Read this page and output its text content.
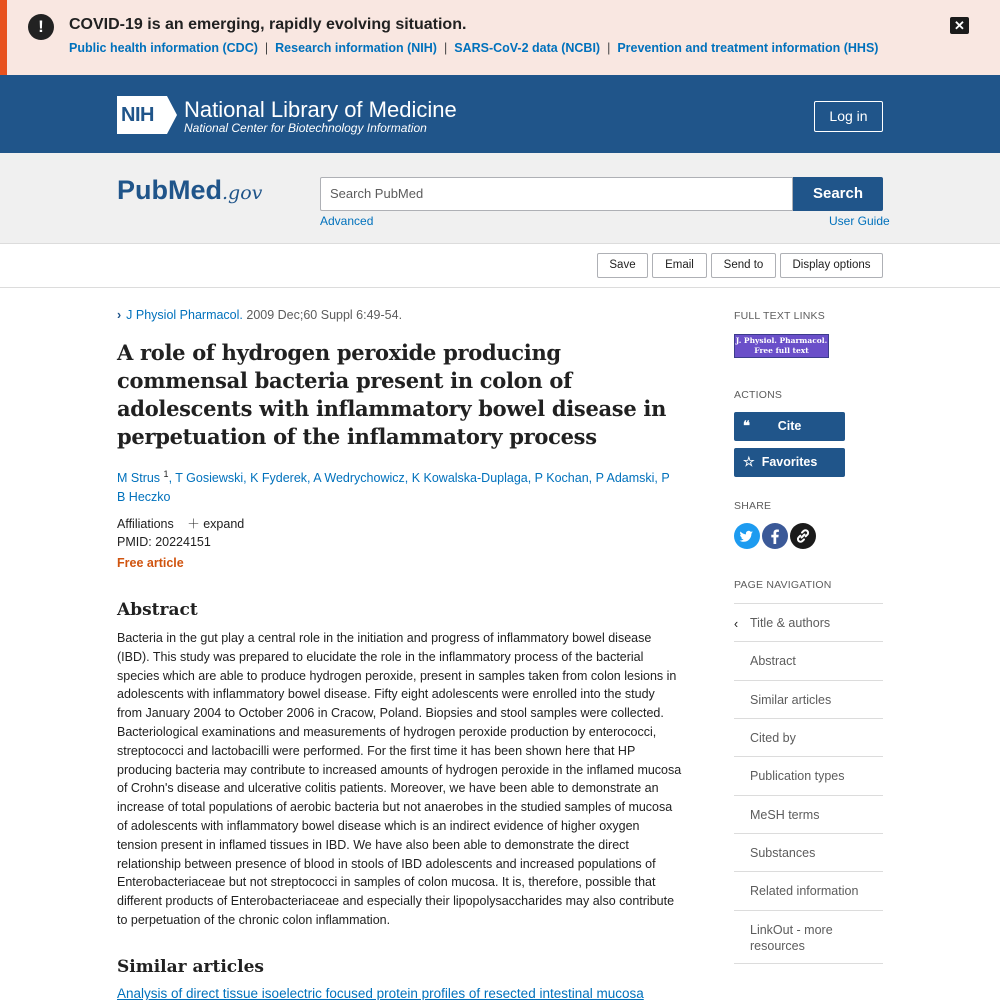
!	COVID-19 is an emerging, rapidly evolving situation.
Public health information (CDC) | Research information (NIH) | SARS-CoV-2 data (NCBI) | Prevention and treatment information (HHS)
✕
NIH	National Library of Medicine
National Center for Biotechnology Information
Log in
PubMed.gov	Search PubMed	Search
Advanced	User Guide
Save	Email	Send to	Display options
› J Physiol Pharmacol. 2009 Dec;60 Suppl 6:49-54.
A role of hydrogen peroxide producing commensal bacteria present in colon of adolescents with inflammatory bowel disease in perpetuation of the inflammatory process
M Strus $^1$, T Gosiewski, K Fyderek, A Wedrychowicz, K Kowalska-Duplaga, P Kochan, P Adamski, P B Heczko
Affiliations ＋ expand
PMID: 20224151
Free article
Abstract

Bacteria in the gut play a central role in the initiation and progress of inflammatory bowel disease (IBD). This study was prepared to elucidate the role in the inflammatory process of the bacterial species which are able to produce hydrogen peroxide, present in samples taken from colon lesions in adolescents with inflammatory bowel disease. Fifty eight adolescents were enrolled into the study from January 2004 to October 2006 in Cracow, Poland. Biopsies and stool samples were collected. Bacteriological examinations and measurements of hydrogen peroxide production by enterococci, streptococci and lactobacilli were performed. For the first time it has been shown here that HP producing bacteria may contribute to increased amounts of hydrogen peroxide in the inflamed mucosa of Crohn's disease and ulcerative colitis patients. Moreover, we have been able to demonstrate an increase of total populations of aerobic bacteria but not anaerobes in the studied samples of mucosa of adolescents with inflammatory bowel disease which is an indirect evidence of higher oxygen tension present in inflamed tissues in IBD. We have also been able to demonstrate the direct relationship between presence of blood in stools of IBD adolescents and increased populations of Enterobacteriaceae but not streptococci in samples of colon mucosa. It is, therefore, possible that different products of Enterobacteriaceae and especially their lipopolysaccharides may also contribute to perpetuation of the chronic colon inflammation.

Similar articles
Analysis of direct tissue isoelectric focused protein profiles of resected intestinal mucosa
FULL TEXT LINKS
J. Physiol. Pharmacol.
Free full text
ACTIONS
❝	Cite
☆ Favorites
SHARE
PAGE NAVIGATION
‹ Title & authors
Abstract
Similar articles
Cited by
Publication types
MeSH terms
Substances
Related information
LinkOut - more resources
